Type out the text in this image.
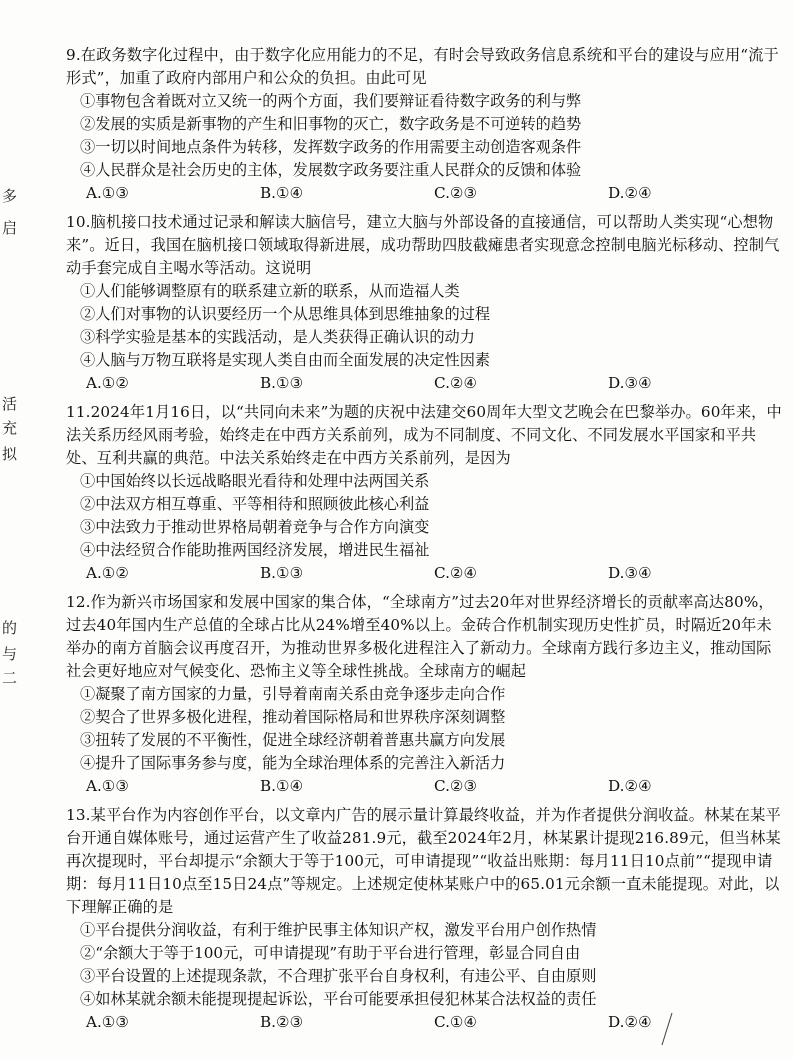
多
启
活
充
拟
的
与
二
9.在政务数字化过程中，由于数字化应用能力的不足，有时会导致政务信息系统和平台的建设与应用“流于形式”，加重了政府内部用户和公众的负担。由此可见
①事物包含着既对立又统一的两个方面，我们要辩证看待数字政务的利与弊
②发展的实质是新事物的产生和旧事物的灭亡，数字政务是不可逆转的趋势
③一切以时间地点条件为转移，发挥数字政务的作用需要主动创造客观条件
④人民群众是社会历史的主体，发展数字政务要注重人民群众的反馈和体验
A.①③	B.①④	C.②③	D.②④
10.脑机接口技术通过记录和解读大脑信号，建立大脑与外部设备的直接通信，可以帮助人类实现“心想物来”。近日，我国在脑机接口领域取得新进展，成功帮助四肢截瘫患者实现意念控制电脑光标移动、控制气动手套完成自主喝水等活动。这说明
①人们能够调整原有的联系建立新的联系，从而造福人类
②人们对事物的认识要经历一个从思维具体到思维抽象的过程
③科学实验是基本的实践活动，是人类获得正确认识的动力
④人脑与万物互联将是实现人类自由而全面发展的决定性因素
A.①②	B.①③	C.②④	D.③④
11.2024年1月16日，以“共同向未来”为题的庆祝中法建交60周年大型文艺晚会在巴黎举办。60年来，中法关系历经风雨考验，始终走在中西方关系前列，成为不同制度、不同文化、不同发展水平国家和平共处、互利共赢的典范。中法关系始终走在中西方关系前列，是因为
①中国始终以长远战略眼光看待和处理中法两国关系
②中法双方相互尊重、平等相待和照顾彼此核心利益
③中法致力于推动世界格局朝着竞争与合作方向演变
④中法经贸合作能助推两国经济发展，增进民生福祉
A.①②	B.①③	C.②④	D.③④
12.作为新兴市场国家和发展中国家的集合体，“全球南方”过去20年对世界经济增长的贡献率高达80%，过去40年国内生产总值的全球占比从24%增至40%以上。金砖合作机制实现历史性扩员，时隔近20年未举办的南方首脑会议再度召开，为推动世界多极化进程注入了新动力。全球南方践行多边主义，推动国际社会更好地应对气候变化、恐怖主义等全球性挑战。全球南方的崛起
①凝聚了南方国家的力量，引导着南南关系由竞争逐步走向合作
②契合了世界多极化进程，推动着国际格局和世界秩序深刻调整
③扭转了发展的不平衡性，促进全球经济朝着普惠共赢方向发展
④提升了国际事务参与度，能为全球治理体系的完善注入新活力
A.①③	B.①④	C.②③	D.②④
13.某平台作为内容创作平台，以文章内广告的展示量计算最终收益，并为作者提供分润收益。林某在某平台开通自媒体账号，通过运营产生了收益281.9元，截至2024年2月，林某累计提现216.89元，但当林某再次提现时，平台却提示“余额大于等于100元，可申请提现”“收益出账期：每月11日10点前”“提现申请期：每月11日10点至15日24点”等规定。上述规定使林某账户中的65.01元余额一直未能提现。对此，以下理解正确的是
①平台提供分润收益，有利于维护民事主体知识产权，激发平台用户创作热情
②“余额大于等于100元，可申请提现”有助于平台进行管理，彰显合同自由
③平台设置的上述提现条款，不合理扩张平台自身权利，有违公平、自由原则
④如林某就余额未能提现提起诉讼，平台可能要承担侵犯林某合法权益的责任
A.①③	B.②③	C.①④	D.②④
